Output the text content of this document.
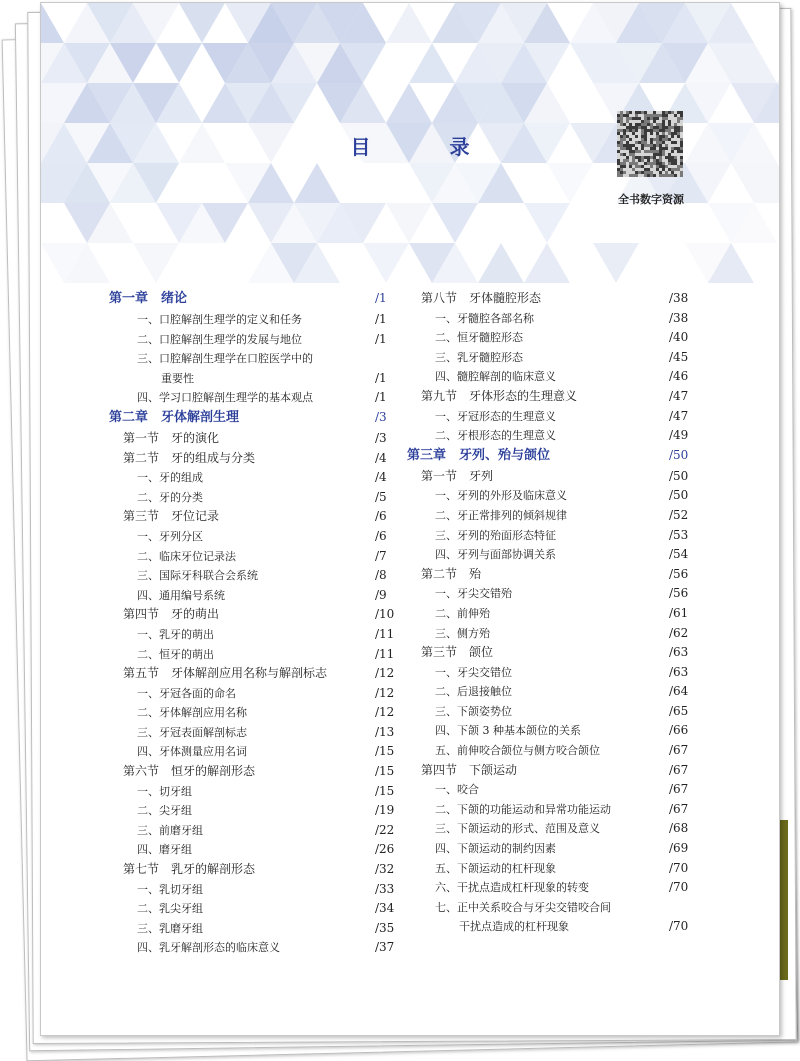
目 录
全书数字资源
第一章　绪论	/1
一、口腔解剖生理学的定义和任务	/1
二、口腔解剖生理学的发展与地位	/1
三、口腔解剖生理学在口腔医学中的
重要性	/1
四、学习口腔解剖生理学的基本观点	/1
第二章　牙体解剖生理	/3
第一节　牙的演化	/3
第二节　牙的组成与分类	/4
一、牙的组成	/4
二、牙的分类	/5
第三节　牙位记录	/6
一、牙列分区	/6
二、临床牙位记录法	/7
三、国际牙科联合会系统	/8
四、通用编号系统	/9
第四节　牙的萌出	/10
一、乳牙的萌出	/11
二、恒牙的萌出	/11
第五节　牙体解剖应用名称与解剖标志	/12
一、牙冠各面的命名	/12
二、牙体解剖应用名称	/12
三、牙冠表面解剖标志	/13
四、牙体测量应用名词	/15
第六节　恒牙的解剖形态	/15
一、切牙组	/15
二、尖牙组	/19
三、前磨牙组	/22
四、磨牙组	/26
第七节　乳牙的解剖形态	/32
一、乳切牙组	/33
二、乳尖牙组	/34
三、乳磨牙组	/35
四、乳牙解剖形态的临床意义	/37
第八节　牙体髓腔形态	/38
一、牙髓腔各部名称	/38
二、恒牙髓腔形态	/40
三、乳牙髓腔形态	/45
四、髓腔解剖的临床意义	/46
第九节　牙体形态的生理意义	/47
一、牙冠形态的生理意义	/47
二、牙根形态的生理意义	/49
第三章　牙列、殆与颌位	/50
第一节　牙列	/50
一、牙列的外形及临床意义	/50
二、牙正常排列的倾斜规律	/52
三、牙列的殆面形态特征	/53
四、牙列与面部协调关系	/54
第二节　殆	/56
一、牙尖交错殆	/56
二、前伸殆	/61
三、侧方殆	/62
第三节　颌位	/63
一、牙尖交错位	/63
二、后退接触位	/64
三、下颌姿势位	/65
四、下颌 3 种基本颌位的关系	/66
五、前伸咬合颌位与侧方咬合颌位	/67
第四节　下颌运动	/67
一、咬合	/67
二、下颌的功能运动和异常功能运动	/67
三、下颌运动的形式、范围及意义	/68
四、下颌运动的制约因素	/69
五、下颌运动的杠杆现象	/70
六、干扰点造成杠杆现象的转变	/70
七、正中关系咬合与牙尖交错咬合间
干扰点造成的杠杆现象	/70
